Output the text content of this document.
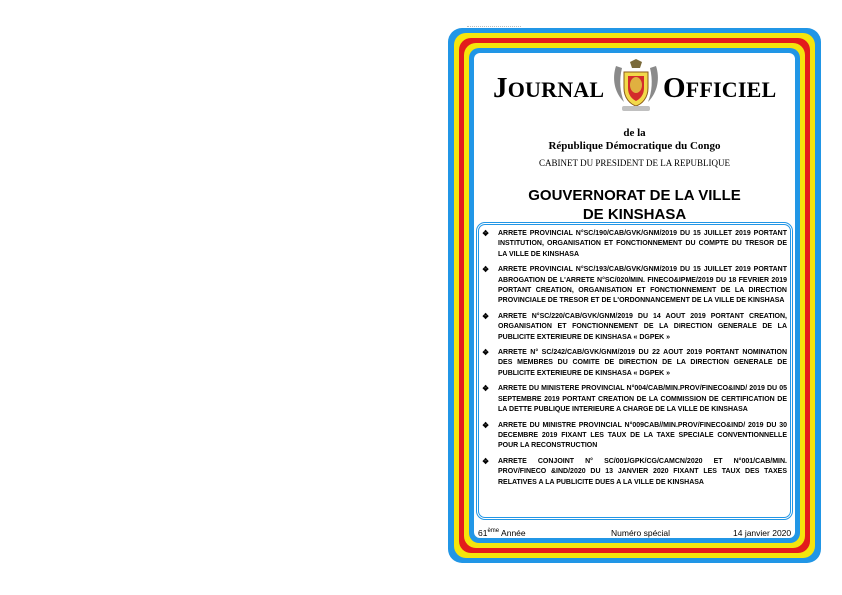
JOURNAL OFFICIEL
de la
République Démocratique du Congo
CABINET DU PRESIDENT DE LA REPUBLIQUE
GOUVERNORAT DE LA VILLE
DE KINSHASA
❖ ARRETE PROVINCIAL N°SC/190/CAB/GVK/GNM/2019 DU 15 JUILLET 2019 PORTANT INSTITUTION, ORGANISATION ET FONCTIONNEMENT DU COMPTE DU TRESOR DE LA VILLE DE KINSHASA
❖ ARRETE PROVINCIAL N°SC/193/CAB/GVK/GNM/2019 DU 15 JUILLET 2019 PORTANT ABROGATION DE L'ARRETE N°SC/020/MIN. FINECO&IPME/2019 DU 18 FEVRIER 2019 PORTANT CREATION, ORGANISATION ET FONCTIONNEMENT DE LA DIRECTION PROVINCIALE DE TRESOR ET DE L'ORDONNANCEMENT DE LA VILLE DE KINSHASA
❖ ARRETE N°SC/220/CAB/GVK/GNM/2019 DU 14 AOUT 2019 PORTANT CREATION, ORGANISATION ET FONCTIONNEMENT DE LA DIRECTION GENERALE DE LA PUBLICITE EXTERIEURE DE KINSHASA « DGPEK »
❖ ARRETE N° SC/242/CAB/GVK/GNM/2019 DU 22 AOUT 2019 PORTANT NOMINATION DES MEMBRES DU COMITE DE DIRECTION DE LA DIRECTION GENERALE DE PUBLICITE EXTERIEURE DE KINSHASA « DGPEK »
❖ ARRETE DU MINISTERE PROVINCIAL N°004/CAB/MIN.PROV/FINECO&IND/ 2019 DU 05 SEPTEMBRE 2019 PORTANT CREATION DE LA COMMISSION DE CERTIFICATION DE LA DETTE PUBLIQUE INTERIEURE A CHARGE DE LA VILLE DE KINSHASA
❖ ARRETE DU MINISTRE PROVINCIAL N°009CAB//MIN.PROV/FINECO&IND/ 2019 DU 30 DECEMBRE 2019 FIXANT LES TAUX DE LA TAXE SPECIALE CONVENTIONNELLE POUR LA RECONSTRUCTION
❖ ARRETE CONJOINT N° SC/001/GPK/CG/CAMCN/2020 ET N°001/CAB/MIN. PROV/FINECO &IND/2020 DU 13 JANVIER 2020 FIXANT LES TAUX DES TAXES RELATIVES A LA PUBLICITE DUES A LA VILLE DE KINSHASA
61ème Année	Numéro spécial	14 janvier 2020
